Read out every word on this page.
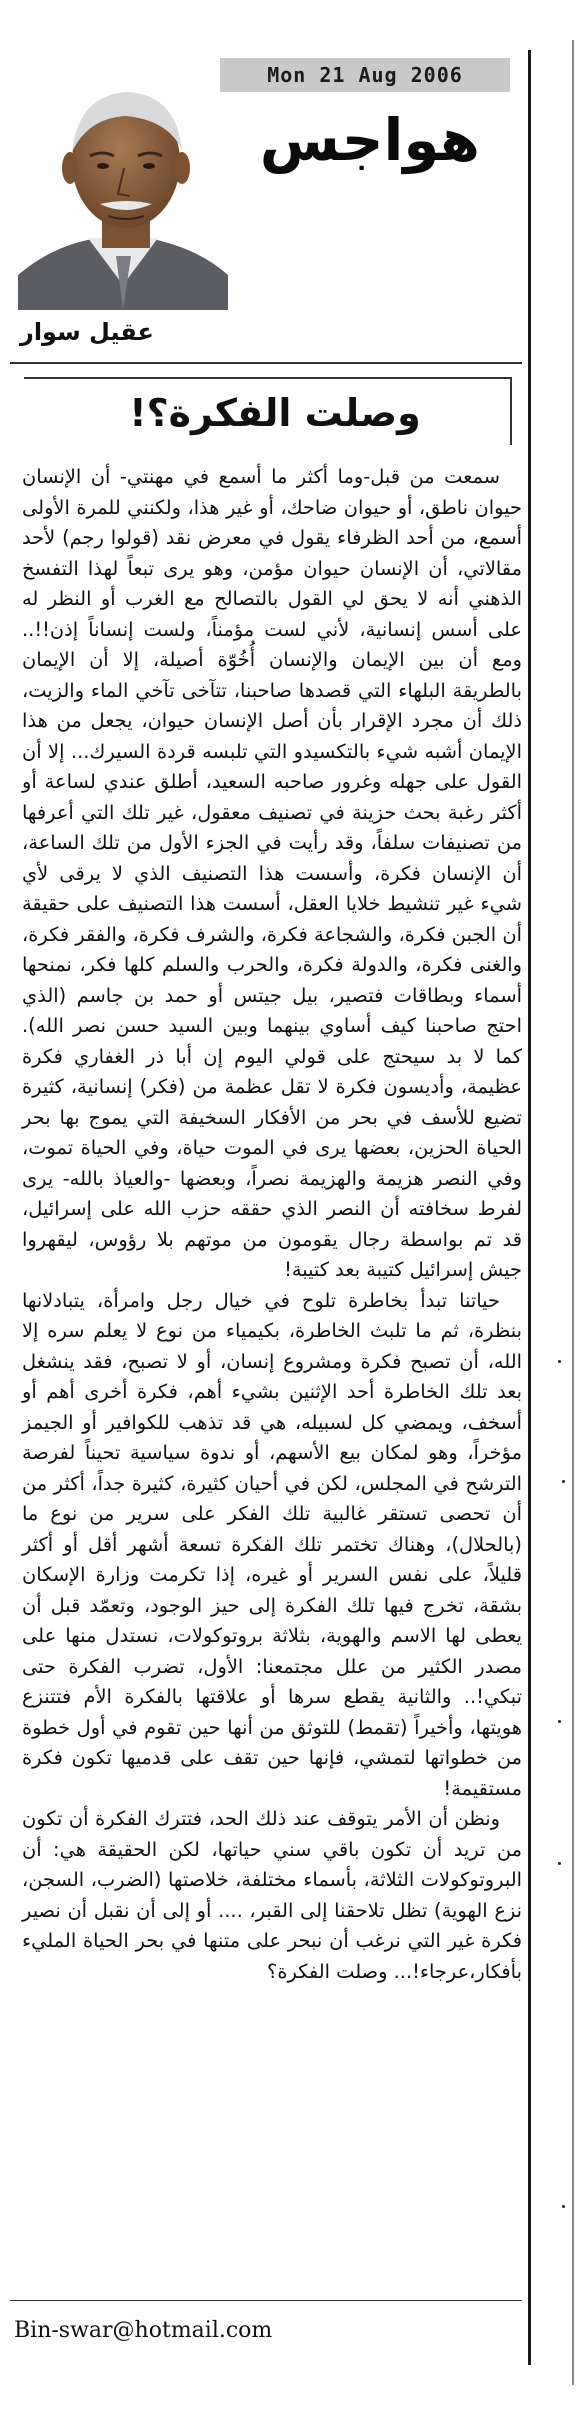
Mon 21 Aug 2006
هواجس
عقيل سوار
وصلت الفكرة؟!

سمعت من قبل-وما أكثر ما أسمع في مهنتي- أن الإنسان حيوان ناطق، أو حيوان ضاحك، أو غير هذا، ولكنني للمرة الأولى أسمع، من أحد الظرفاء يقول في معرض نقد (قولوا رجم) لأحد مقالاتي، أن الإنسان حيوان مؤمن، وهو يرى تبعاً لهذا التفسخ الذهني أنه لا يحق لي القول بالتصالح مع الغرب أو النظر له على أسس إنسانية، لأني لست مؤمناً، ولست إنساناً إذن!!.. ومع أن بين الإيمان والإنسان أُخُوّة أصيلة، إلا أن الإيمان بالطريقة البلهاء التي قصدها صاحبنا، تتآخى تآخي الماء والزيت، ذلك أن مجرد الإقرار بأن أصل الإنسان حيوان، يجعل من هذا الإيمان أشبه شيء بالتكسيدو التي تلبسه قردة السيرك... إلا أن القول على جهله وغرور صاحبه السعيد، أطلق عندي لساعة أو أكثر رغبة بحث حزينة في تصنيف معقول، غير تلك التي أعرفها من تصنيفات سلفاً، وقد رأيت في الجزء الأول من تلك الساعة، أن الإنسان فكرة، وأسست هذا التصنيف الذي لا يرقى لأي شيء غير تنشيط خلايا العقل، أسست هذا التصنيف على حقيقة أن الجبن فكرة، والشجاعة فكرة، والشرف فكرة، والفقر فكرة، والغنى فكرة، والدولة فكرة، والحرب والسلم كلها فكر، نمنحها أسماء وبطاقات فتصير، بيل جيتس أو حمد بن جاسم (الذي احتج صاحبنا كيف أساوي بينهما وبين السيد حسن نصر الله). كما لا بد سيحتج على قولي اليوم إن أبا ذر الغفاري فكرة عظيمة، وأديسون فكرة لا تقل عظمة من (فكر) إنسانية، كثيرة تضيع للأسف في بحر من الأفكار السخيفة التي يموج بها بحر الحياة الحزين، بعضها يرى في الموت حياة، وفي الحياة تموت، وفي النصر هزيمة والهزيمة نصراً، وبعضها -والعياذ بالله- يرى لفرط سخافته أن النصر الذي حققه حزب الله على إسرائيل، قد تم بواسطة رجال يقومون من موتهم بلا رؤوس، ليقهروا جيش إسرائيل كتيبة بعد كتيبة!

حياتنا تبدأ بخاطرة تلوح في خيال رجل وامرأة، يتبادلانها بنظرة، ثم ما تلبث الخاطرة، بكيمياء من نوع لا يعلم سره إلا الله، أن تصبح فكرة ومشروع إنسان، أو لا تصبح، فقد ينشغل بعد تلك الخاطرة أحد الإثنين بشيء أهم، فكرة أخرى أهم أو أسخف، ويمضي كل لسبيله، هي قد تذهب للكوافير أو الجيمز مؤخراً، وهو لمكان بيع الأسهم، أو ندوة سياسية تحيناً لفرصة الترشح في المجلس، لكن في أحيان كثيرة، كثيرة جداً، أكثر من أن تحصى تستقر غالبية تلك الفكر على سرير من نوع ما (بالحلال)، وهناك تختمر تلك الفكرة تسعة أشهر أقل أو أكثر قليلاً، على نفس السرير أو غيره، إذا تكرمت وزارة الإسكان بشقة، تخرج فيها تلك الفكرة إلى حيز الوجود، وتعمّد قبل أن يعطى لها الاسم والهوية، بثلاثة بروتوكولات، نستدل منها على مصدر الكثير من علل مجتمعنا: الأول، تضرب الفكرة حتى تبكي!.. والثانية يقطع سرها أو علاقتها بالفكرة الأم فتتنزع هويتها، وأخيراً (تقمط) للتوثق من أنها حين تقوم في أول خطوة من خطواتها لتمشي، فإنها حين تقف على قدميها تكون فكرة مستقيمة!

ونظن أن الأمر يتوقف عند ذلك الحد، فتترك الفكرة أن تكون من تريد أن تكون باقي سني حياتها، لكن الحقيقة هي: أن البروتوكولات الثلاثة، بأسماء مختلفة، خلاصتها (الضرب، السجن، نزع الهوية) تظل تلاحقنا إلى القبر، .... أو إلى أن نقبل أن نصير فكرة غير التي نرغب أن نبحر على متنها في بحر الحياة المليء بأفكار،عرجاء!... وصلت الفكرة؟

Bin-swar@hotmail.com
